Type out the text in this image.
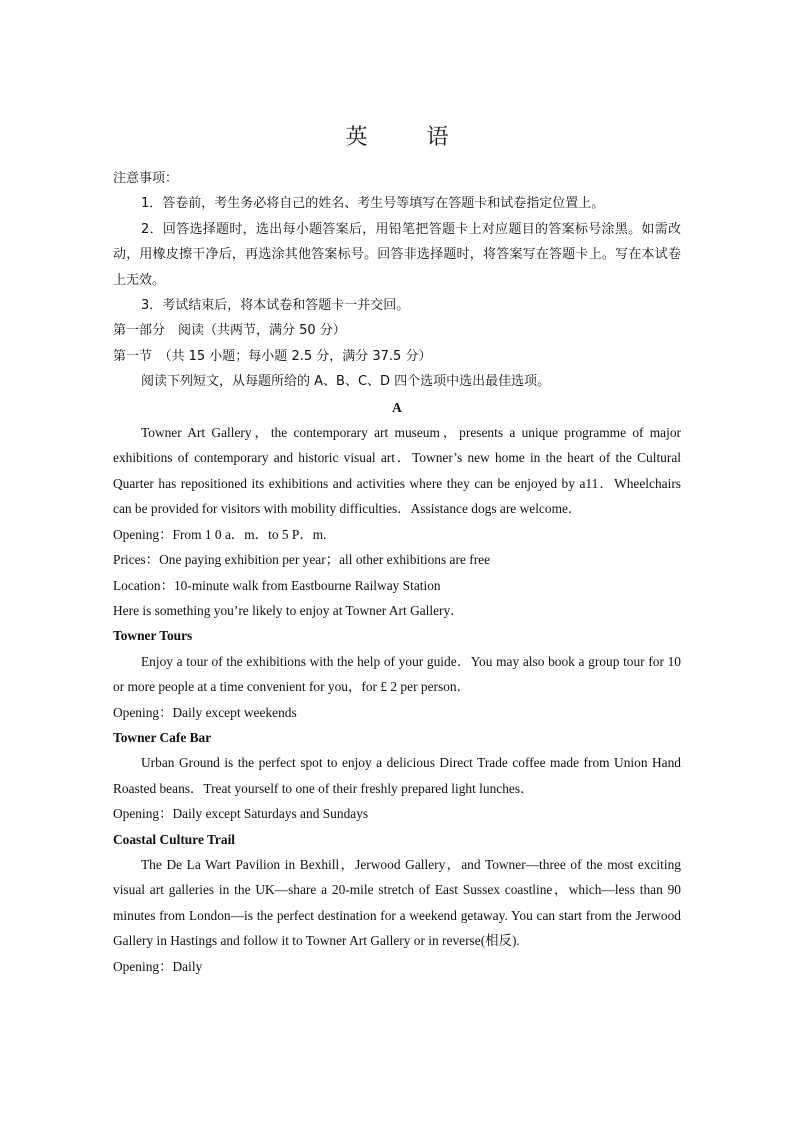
英 语
注意事项：
1．答卷前，考生务必将自己的姓名、考生号等填写在答题卡和试卷指定位置上。

2．回答选择题时，选出每小题答案后，用铅笔把答题卡上对应题目的答案标号涂黑。如需改动，用橡皮擦干净后，再选涂其他答案标号。回答非选择题时，将答案写在答题卡上。写在本试卷上无效。

3．考试结束后，将本试卷和答题卡一并交回。
第一部分　阅读（共两节，满分 50 分）
第一节　（共 15 小题；每小题 2.5 分，满分 37.5 分）
阅读下列短文，从每题所给的 A、B、C、D 四个选项中选出最佳选项。
A

Towner Art Gallery，the contemporary art museum，presents a unique programme of major exhibitions of contemporary and historic visual art．Towner’s new home in the heart of the Cultural Quarter has repositioned its exhibitions and activities where they can be enjoyed by a11．Wheelchairs can be provided for visitors with mobility difficulties．Assistance dogs are welcome．

Opening：From 1 0 a．m．to 5 P．m.
Prices：One paying exhibition per year；all other exhibitions are free
Location：10-minute walk from Eastbourne Railway Station
Here is something you’re likely to enjoy at Towner Art Gallery．
Towner Tours

Enjoy a tour of the exhibitions with the help of your guide．You may also book a group tour for 10 or more people at a time convenient for you，for £ 2 per person．

Opening：Daily except weekends
Towner Cafe Bar

Urban Ground is the perfect spot to enjoy a delicious Direct Trade coffee made from Union Hand Roasted beans．Treat yourself to one of their freshly prepared light lunches．

Opening：Daily except Saturdays and Sundays
Coastal Culture Trail

The De La Wart Pavilion in Bexhill，Jerwood Gallery，and Towner—three of the most exciting visual art galleries in the UK—share a 20-mile stretch of East Sussex coastline，which—less than 90 minutes from London—is the perfect destination for a weekend getaway. You can start from the Jerwood Gallery in Hastings and follow it to Towner Art Gallery or in reverse(相反).

Opening：Daily
